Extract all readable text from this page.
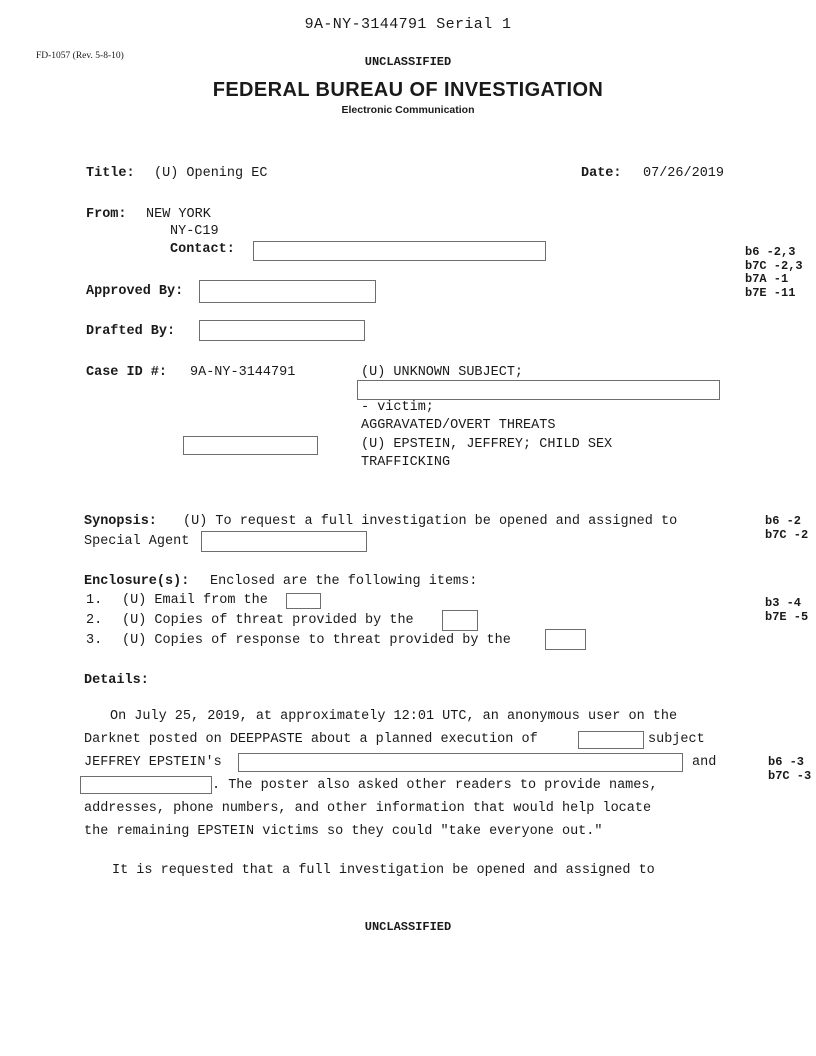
9A-NY-3144791 Serial 1
FD-1057 (Rev. 5-8-10)	UNCLASSIFIED
FEDERAL BUREAU OF INVESTIGATION
Electronic Communication
Title: (U) Opening EC	Date: 07/26/2019
From: NEW YORK
NY-C19
Contact:	b6 -2,3
b7C -2,3
b7A -1
b7E -11
Approved By:
Drafted By:
Case ID #: 9A-NY-3144791	(U) UNKNOWN SUBJECT;
- victim;
AGGRAVATED/OVERT THREATS
(U) EPSTEIN, JEFFREY; CHILD SEX
TRAFFICKING
Synopsis: (U) To request a full investigation be opened and assigned to
Special Agent
b6 -2
b7C -2
Enclosure(s): Enclosed are the following items:
1. (U) Email from the
2. (U) Copies of threat provided by the
3. (U) Copies of response to threat provided by the
b3 -4
b7E -5
Details:
On July 25, 2019, at approximately 12:01 UTC, an anonymous user on the
Darknet posted on DEEPPASTE about a planned execution of	subject
JEFFREY EPSTEIN's	and
. The poster also asked other readers to provide names,
addresses, phone numbers, and other information that would help locate
the remaining EPSTEIN victims so they could "take everyone out."
b6 -3
b7C -3
It is requested that a full investigation be opened and assigned to
UNCLASSIFIED
